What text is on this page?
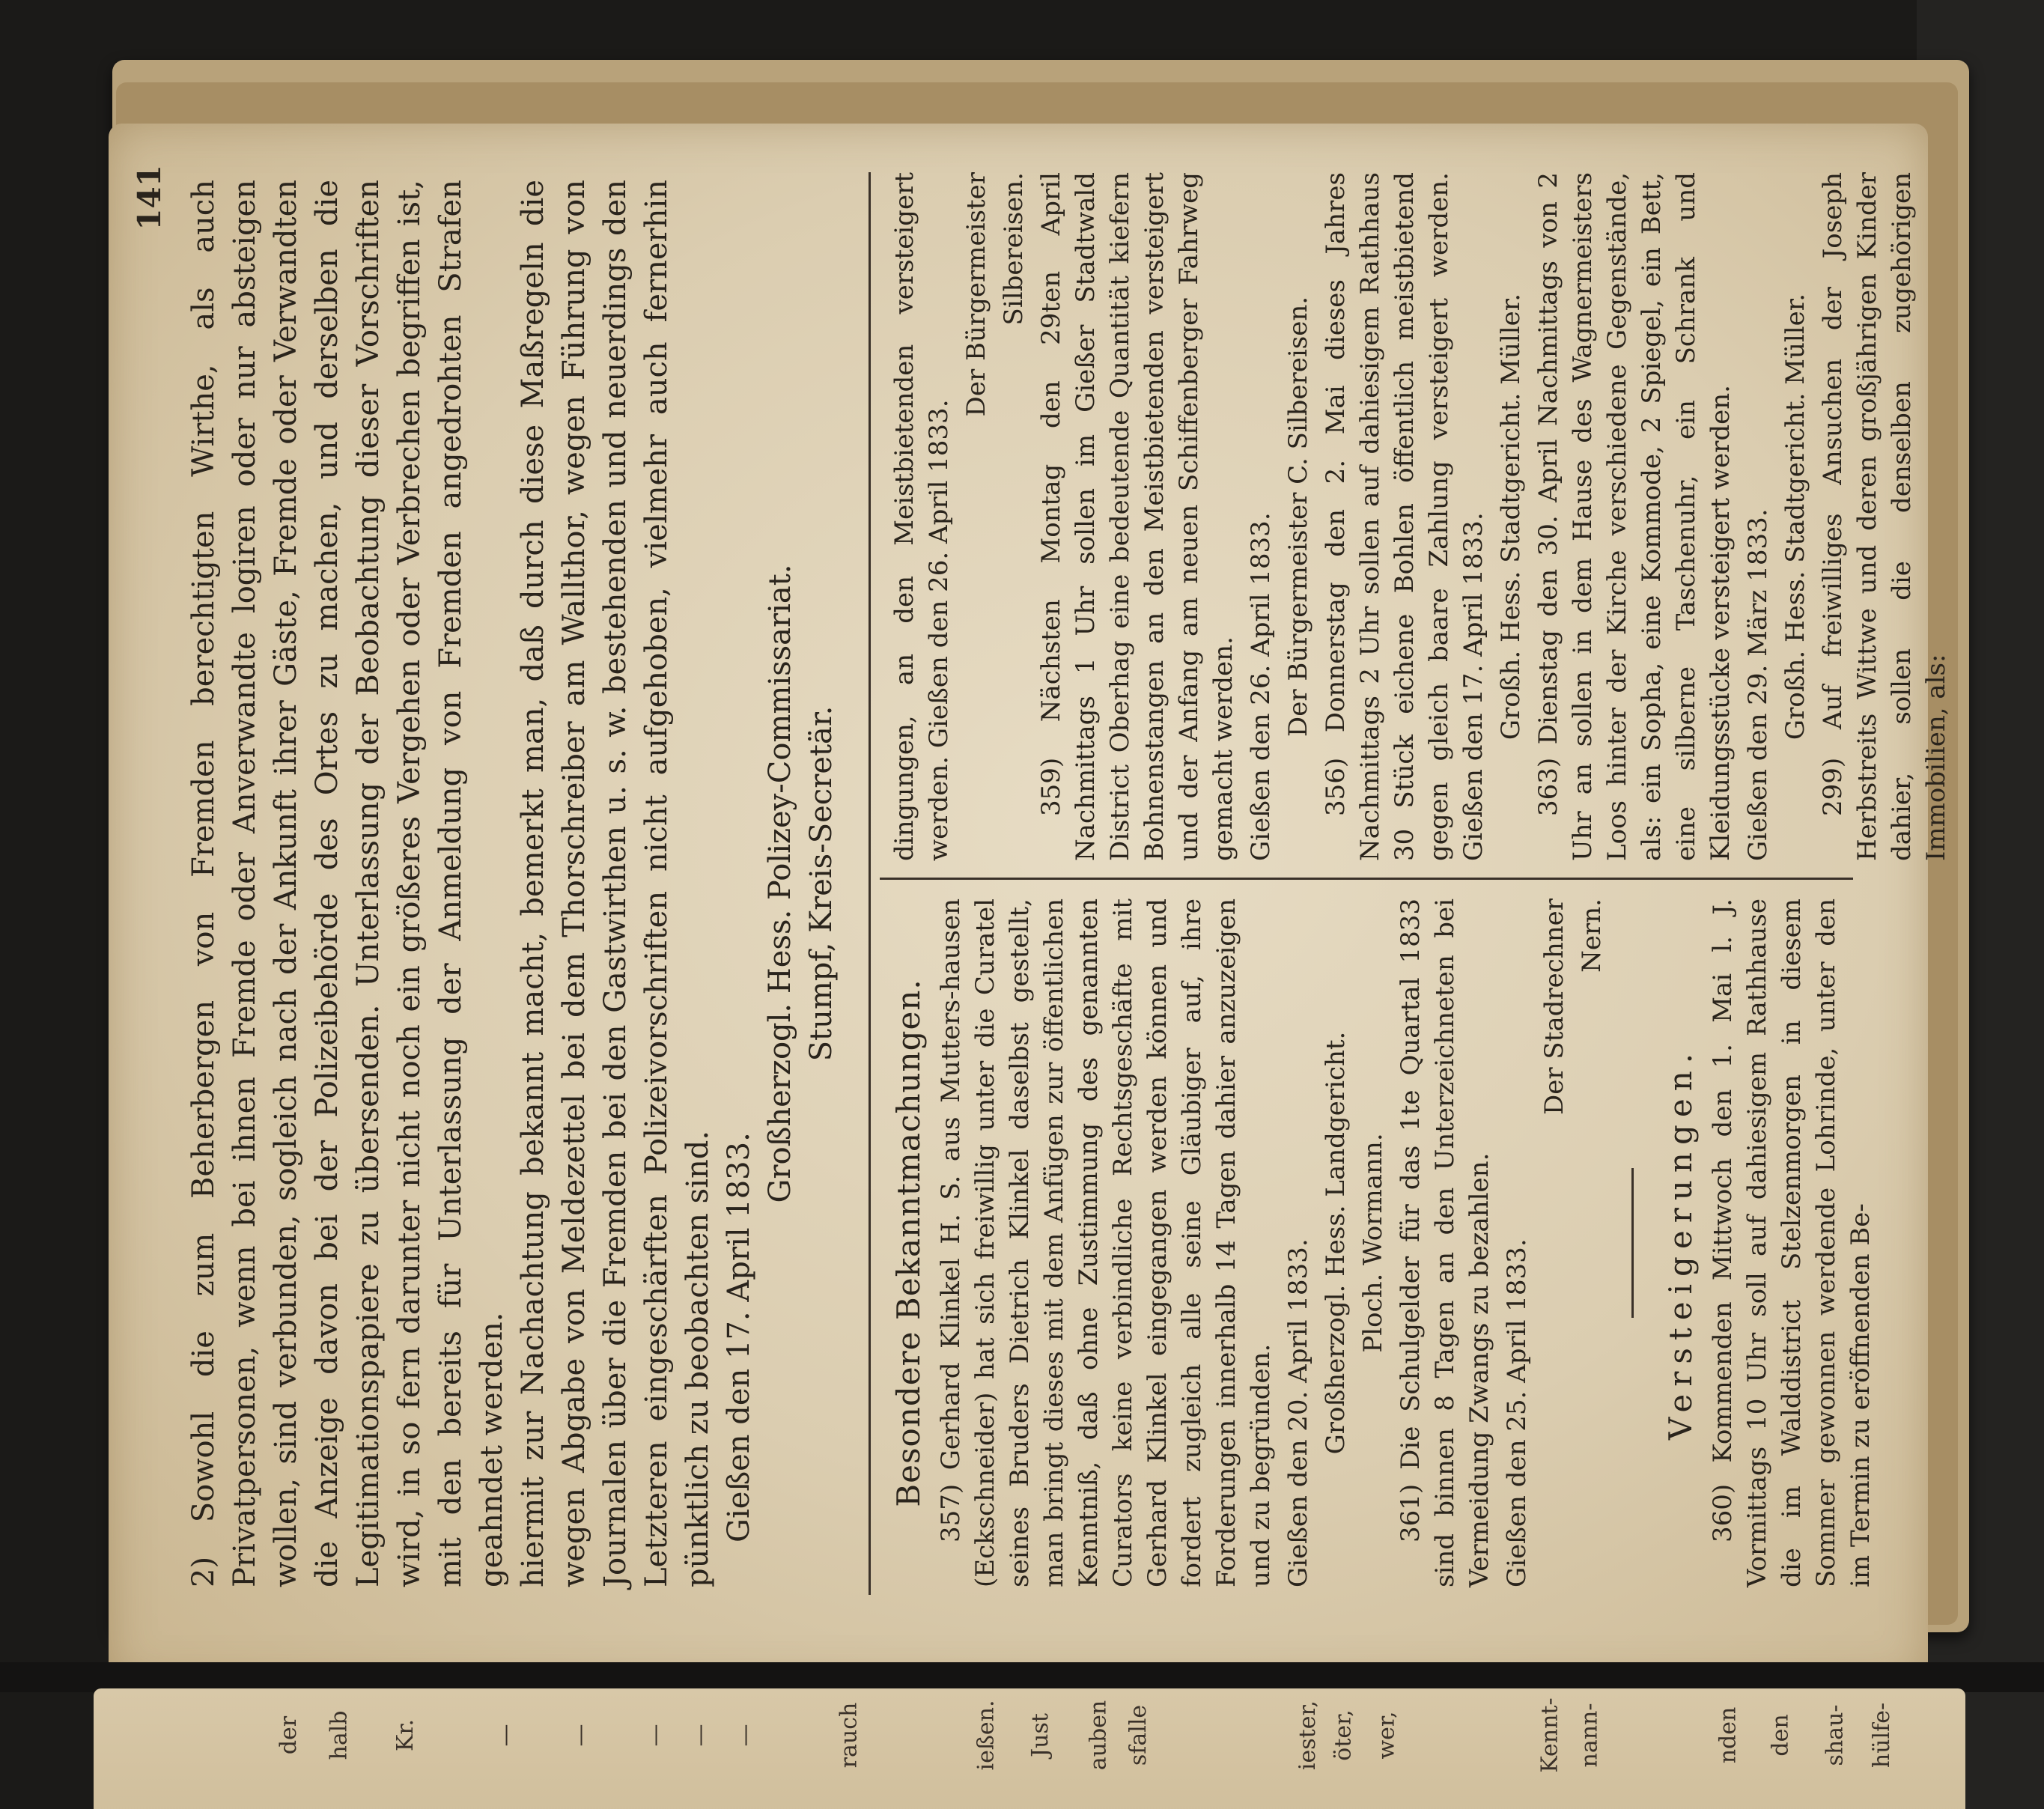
der halb Kr.	— — — — —	rauch	ießen. Just auben sfalle	iester, öter, wer,	Kennt- nann-	nden den shau- hülfe-
141 2) Sowohl die zum Beherbergen von Fremden berechtigten Wirthe, als auch Privatpersonen, wenn bei ihnen Fremde oder Anverwandte logiren oder nur absteigen wollen, sind verbunden, sogleich nach der Ankunft ihrer Gäste, Fremde oder Verwandten die Anzeige davon bei der Polizeibehörde des Ortes zu machen, und derselben die Legitimationspapiere zu übersenden. Unterlassung der Beobachtung dieser Vorschriften wird, in so fern darunter nicht noch ein größeres Vergehen oder Verbrechen begriffen ist, mit den bereits für Unterlassung der Anmeldung von Fremden angedrohten Strafen geahndet werden. hiermit zur Nachachtung bekannt macht, bemerkt man, daß durch diese Maßregeln die wegen Abgabe von Meldezettel bei dem Thorschreiber am Wallthor, wegen Führung von Journalen über die Fremden bei den Gastwirthen u. s. w. bestehenden und neuerdings den Letzteren eingeschärften Polizeivorschriften nicht aufgehoben, vielmehr auch fernerhin pünktlich zu beobachten sind. Gießen den 17. April 1833.

Großherzogl. Hess. Polizey-Commissariat. Stumpf, Kreis-Secretär.

Besondere Bekanntmachungen. 357) Gerhard Klinkel H. S. aus Mutters-hausen (Eckschneider) hat sich freiwillig unter die Curatel seines Bruders Dietrich Klinkel daselbst gestellt, man bringt dieses mit dem Anfügen zur öffentlichen Kenntniß, daß ohne Zustimmung des genannten Curators keine verbindliche Rechtsgeschäfte mit Gerhard Klinkel eingegangen werden können und fordert zugleich alle seine Gläubiger auf, ihre Forderungen innerhalb 14 Tagen dahier anzuzeigen und zu begründen. Gießen den 20. April 1833. Großherzogl. Hess. Landgericht. Ploch. Wormann. 361) Die Schulgelder für das 1te Quartal 1833 sind binnen 8 Tagen an den Unterzeichneten bei Vermeidung Zwangs zu bezahlen. Gießen den 25. April 1833.

Der Stadrechner Nern.

Versteigerungen. 360) Kommenden Mittwoch den 1. Mai l. J. Vormittags 10 Uhr soll auf dahiesigem Rathhause die im Walddistrict Stelzenmorgen in diesem Sommer gewonnen werdende Lohrinde, unter den im Termin zu eröffnenden Be-

dingungen, an den Meistbietenden versteigert werden. Gießen den 26. April 1833.

Der Bürgermeister Silbereisen. 359) Nächsten Montag den 29ten April Nachmittags 1 Uhr sollen im Gießer Stadtwald District Oberhag eine bedeutende Quantität kiefern Bohnenstangen an den Meistbietenden versteigert und der Anfang am neuen Schiffenberger Fahrweg gemacht werden. Gießen den 26. April 1833. Der Bürgermeister C. Silbereisen. 356) Donnerstag den 2. Mai dieses Jahres Nachmittags 2 Uhr sollen auf dahiesigem Rathhaus 30 Stück eichene Bohlen öffentlich meistbietend gegen gleich baare Zahlung versteigert werden. Gießen den 17. April 1833. Großh. Hess. Stadtgericht. Müller. 363) Dienstag den 30. April Nachmittags von 2 Uhr an sollen in dem Hause des Wagnermeisters Loos hinter der Kirche verschiedene Gegenstände, als: ein Sopha, eine Kommode, 2 Spiegel, ein Bett, eine silberne Taschenuhr, ein Schrank und Kleidungsstücke versteigert werden. Gießen den 29. März 1833. Großh. Hess. Stadtgericht. Müller. 299) Auf freiwilliges Ansuchen der Joseph Herbstreits Wittwe und deren großjährigen Kinder dahier, sollen die denselben zugehörigen Immobilien, als:
